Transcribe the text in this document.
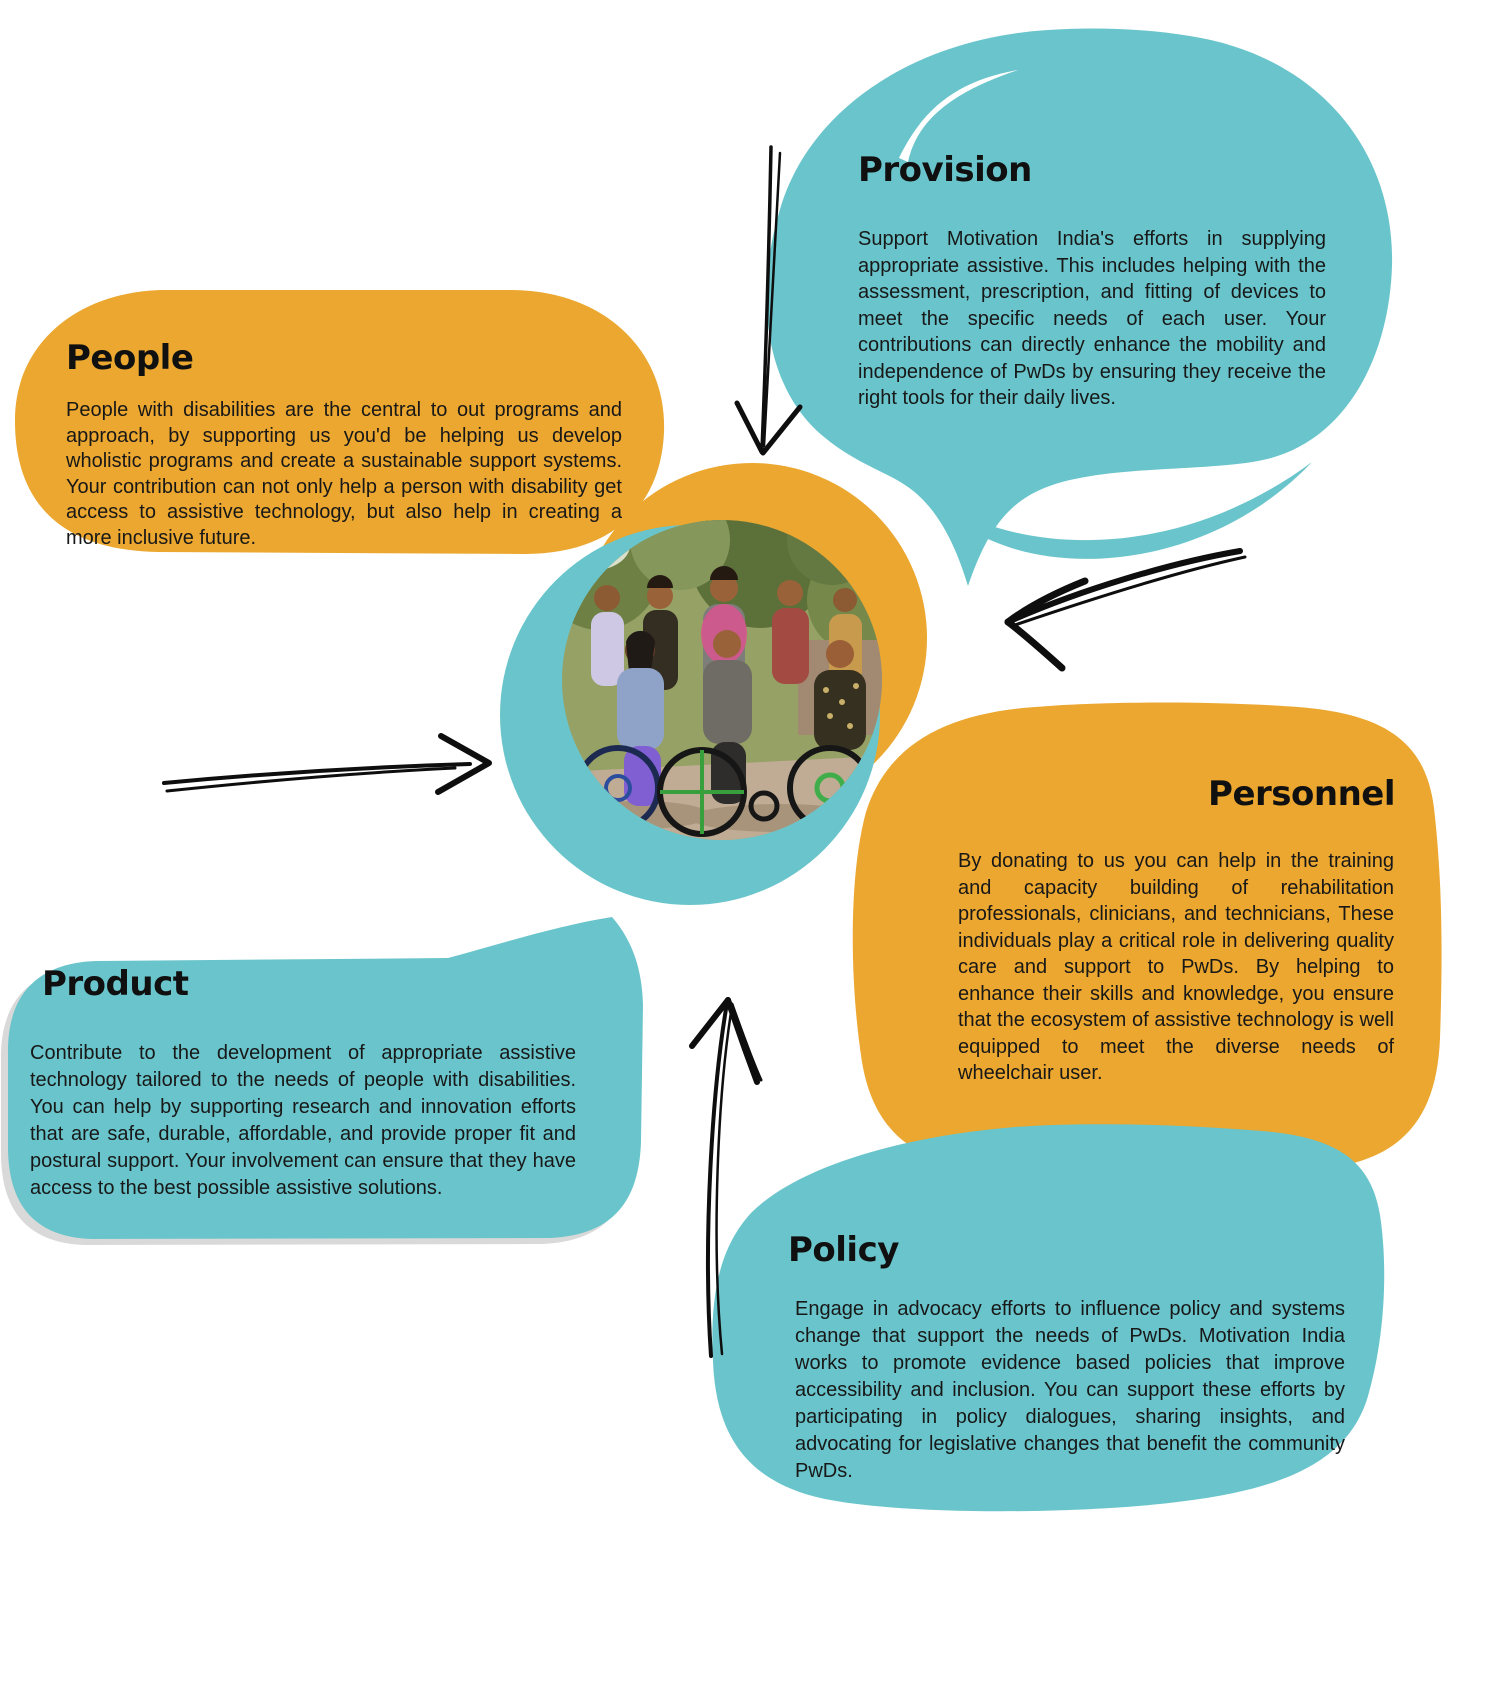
People
People with disabilities are the central to out programs and approach, by supporting us you'd be helping us develop wholistic programs and create a sustainable support systems. Your contribution can not only help a person with disability get access to assistive technology, but also help in creating a more inclusive future.
Provision
Support Motivation India's efforts in supplying appropriate assistive. This includes helping with the assessment, prescription, and fitting of devices to meet the specific needs of each user. Your contributions can directly enhance the mobility and independence of PwDs by ensuring they receive the right tools for their daily lives.
Personnel
By donating to us you can help in the training and capacity building of rehabilitation professionals, clinicians, and technicians, These individuals play a critical role in delivering quality care and support to PwDs. By helping to enhance their skills and knowledge, you ensure that the ecosystem of assistive technology is well equipped to meet the diverse needs of wheelchair user.
Product
Contribute to the development of appropriate assistive technology tailored to the needs of people with disabilities. You can help by supporting research and innovation efforts that are safe, durable, affordable, and provide proper fit and postural support. Your involvement can ensure that they have access to the best possible assistive solutions.
Policy
Engage in advocacy efforts to influence policy and systems change that support the needs of PwDs. Motivation India works to promote evidence based policies that improve accessibility and inclusion. You can support these efforts by participating in policy dialogues, sharing insights, and advocating for legislative changes that benefit the community PwDs.
